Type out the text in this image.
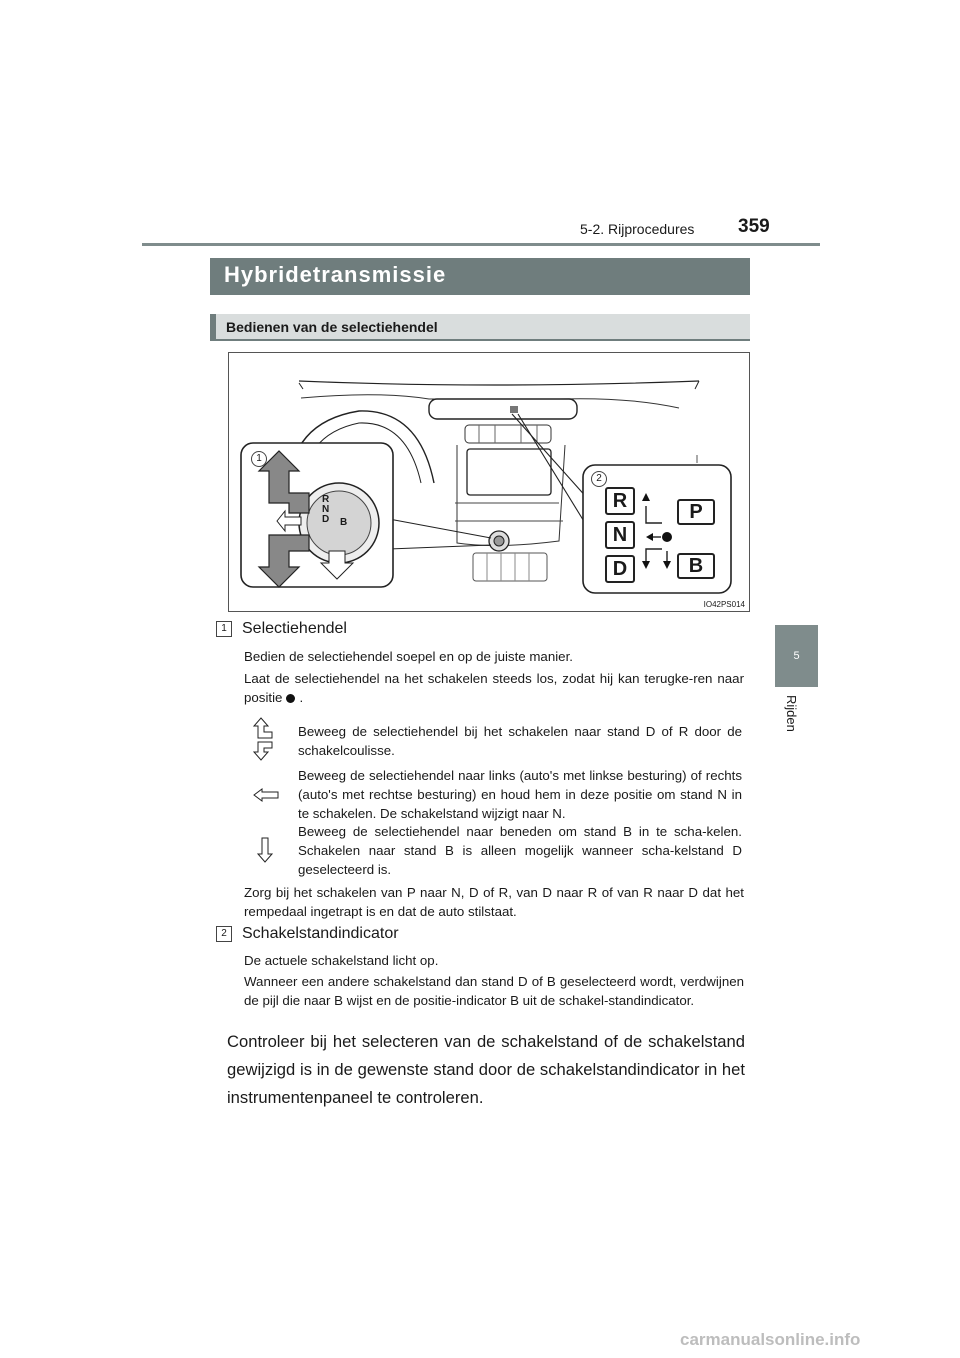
5-2. Rijprocedures 359
5
Rijden
Hybridetransmissie
Bedienen van de selectiehendel
1
2
R
N
D B
R
N
D
P
B
IO42PS014
1 Selectiehendel
Bedien de selectiehendel soepel en op de juiste manier.
Laat de selectiehendel na het schakelen steeds los, zodat hij kan terugke-ren naar positie .
Beweeg de selectiehendel bij het schakelen naar stand D of R door de schakelcoulisse.
Beweeg de selectiehendel naar links (auto's met linkse besturing) of rechts (auto's met rechtse besturing) en houd hem in deze positie om stand N in te schakelen. De schakelstand wijzigt naar N.
Beweeg de selectiehendel naar beneden om stand B in te scha-kelen. Schakelen naar stand B is alleen mogelijk wanneer scha-kelstand D geselecteerd is.
Zorg bij het schakelen van P naar N, D of R, van D naar R of van R naar D dat het rempedaal ingetrapt is en dat de auto stilstaat.
2 Schakelstandindicator
De actuele schakelstand licht op.
Wanneer een andere schakelstand dan stand D of B geselecteerd wordt, verdwijnen de pijl die naar B wijst en de positie-indicator B uit de schakel-standindicator.
Controleer bij het selecteren van de schakelstand of de schakelstand gewijzigd is in de gewenste stand door de schakelstandindicator in het instrumentenpaneel te controleren.
carmanualsonline.info
